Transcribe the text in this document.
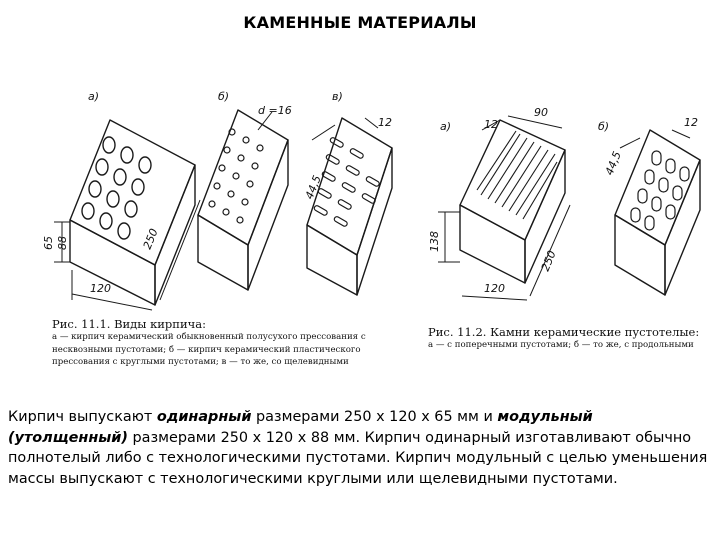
КАМЕННЫЕ МАТЕРИАЛЫ
а)	б)	в)
d =16
65 88	250
120
12
44,5
а)	б)
12
90
138
250
120
12
44,5
Рис. 11.1. Виды кирпича:
а — кирпич керамический обыкновенный полусухого прессования с несквозными пустотами; б — кирпич керамический пластического прессования с круглыми пустотами; в — то же, со щелевидными
Рис. 11.2. Камни керамические пустотелые:
а — с поперечными пустотами; б — то же, с продольными
Кирпич выпускают одинарный размерами 250 х 120 х 65 мм и модульный (утолщенный) размерами 250 х 120 х 88 мм. Кирпич одинарный изготавливают обычно полнотелый либо с технологическими пустотами. Кирпич модульный с целью уменьшения массы выпускают с технологическими круглыми или щелевидными пустотами.
